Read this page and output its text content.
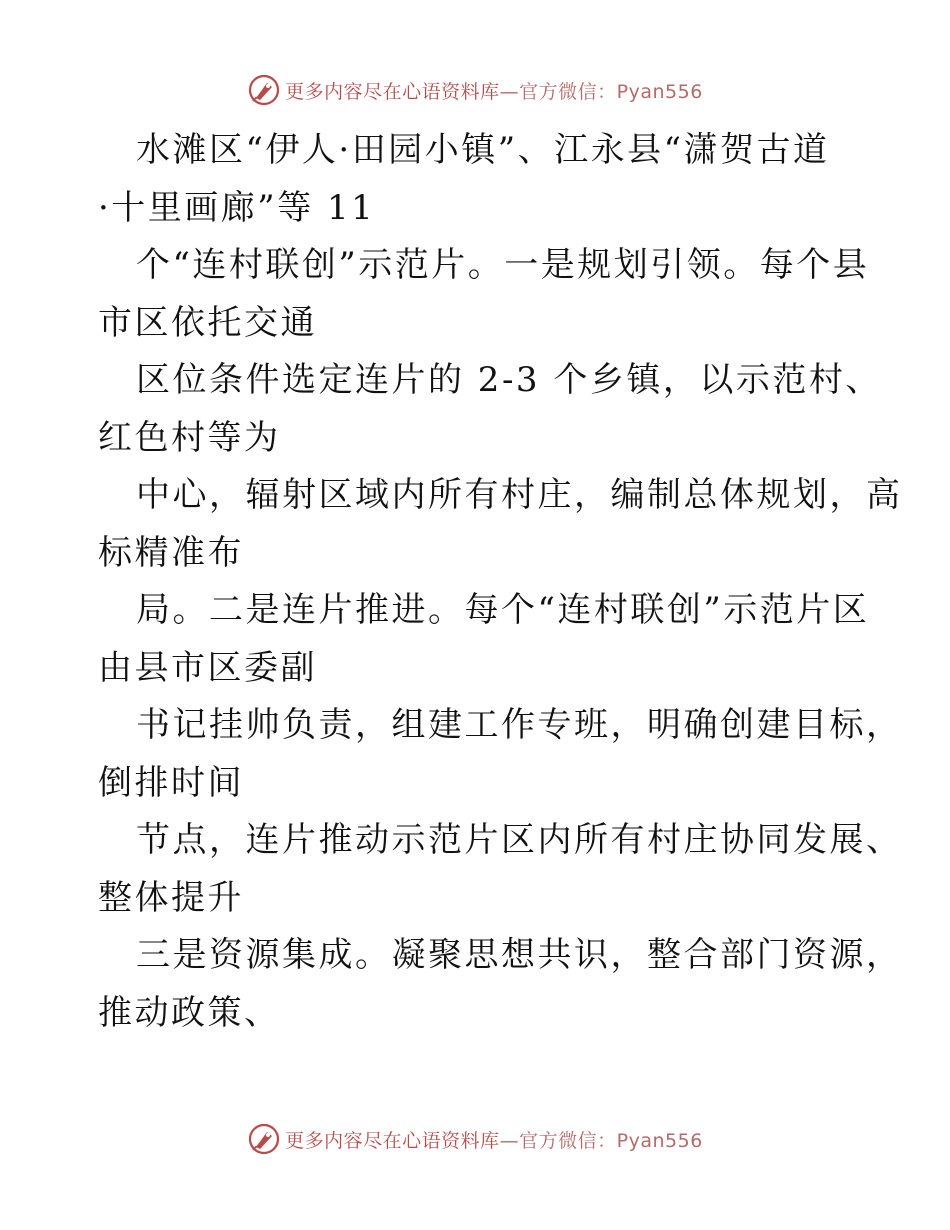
更多内容尽在心语资料库—官方微信：Pyan556
水滩区“伊人·田园小镇”、江永县“潇贺古道
·十里画廊”等 11
个“连村联创”示范片。一是规划引领。每个县
市区依托交通
区位条件选定连片的 2-3 个乡镇，以示范村、
红色村等为
中心，辐射区域内所有村庄，编制总体规划，高
标精准布
局。二是连片推进。每个“连村联创”示范片区
由县市区委副
书记挂帅负责，组建工作专班，明确创建目标，
倒排时间
节点，连片推动示范片区内所有村庄协同发展、
整体提升
三是资源集成。凝聚思想共识，整合部门资源，
推动政策、
更多内容尽在心语资料库—官方微信：Pyan556
